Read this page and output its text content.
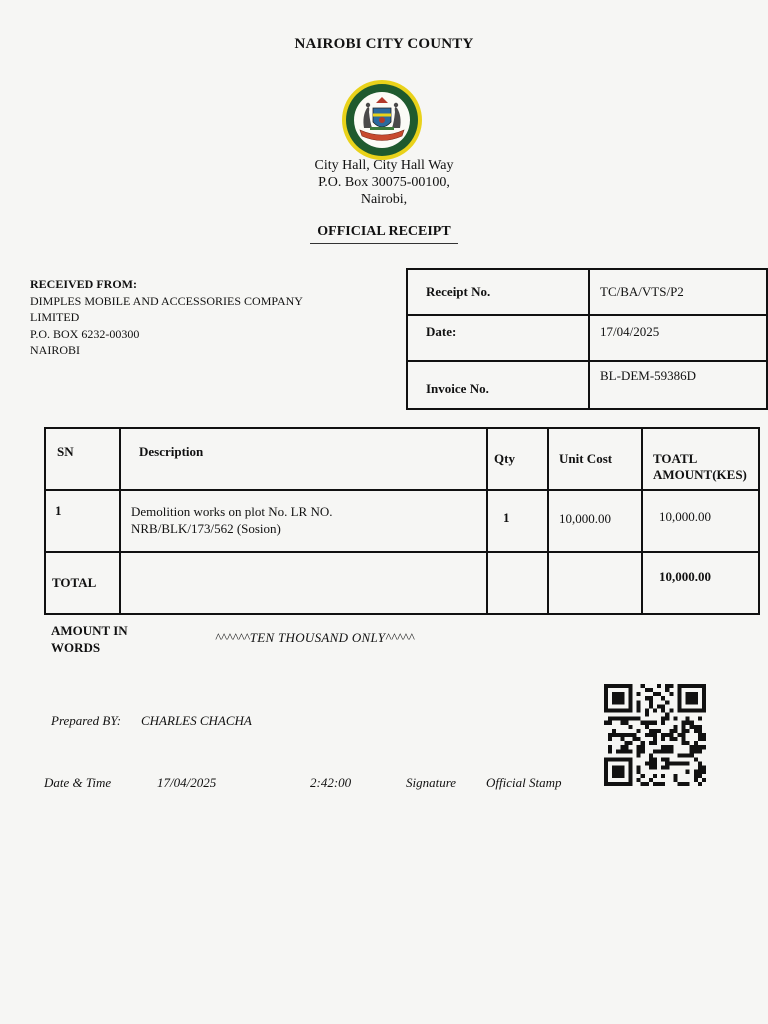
NAIROBI CITY COUNTY
City Hall, City Hall Way
P.O. Box 30075-00100,
Nairobi,
OFFICIAL RECEIPT
RECEIVED FROM:
DIMPLES MOBILE AND ACCESSORIES COMPANY
LIMITED
P.O. BOX 6232-00300
NAIROBI
Receipt No.	TC/BA/VTS/P2
Date:	17/04/2025
Invoice No.	BL-DEM-59386D
SN	Description	Qty	Unit Cost	TOATL AMOUNT(KES)
1	Demolition works on plot No. LR NO.
NRB/BLK/173/562 (Sosion)	1	10,000.00	10,000.00
TOTAL				10,000.00
AMOUNT IN
WORDS
^^^^^^TEN THOUSAND ONLY^^^^^
Prepared BY: CHARLES CHACHA
Date & Time	17/04/2025	2:42:00	Signature Official Stamp
